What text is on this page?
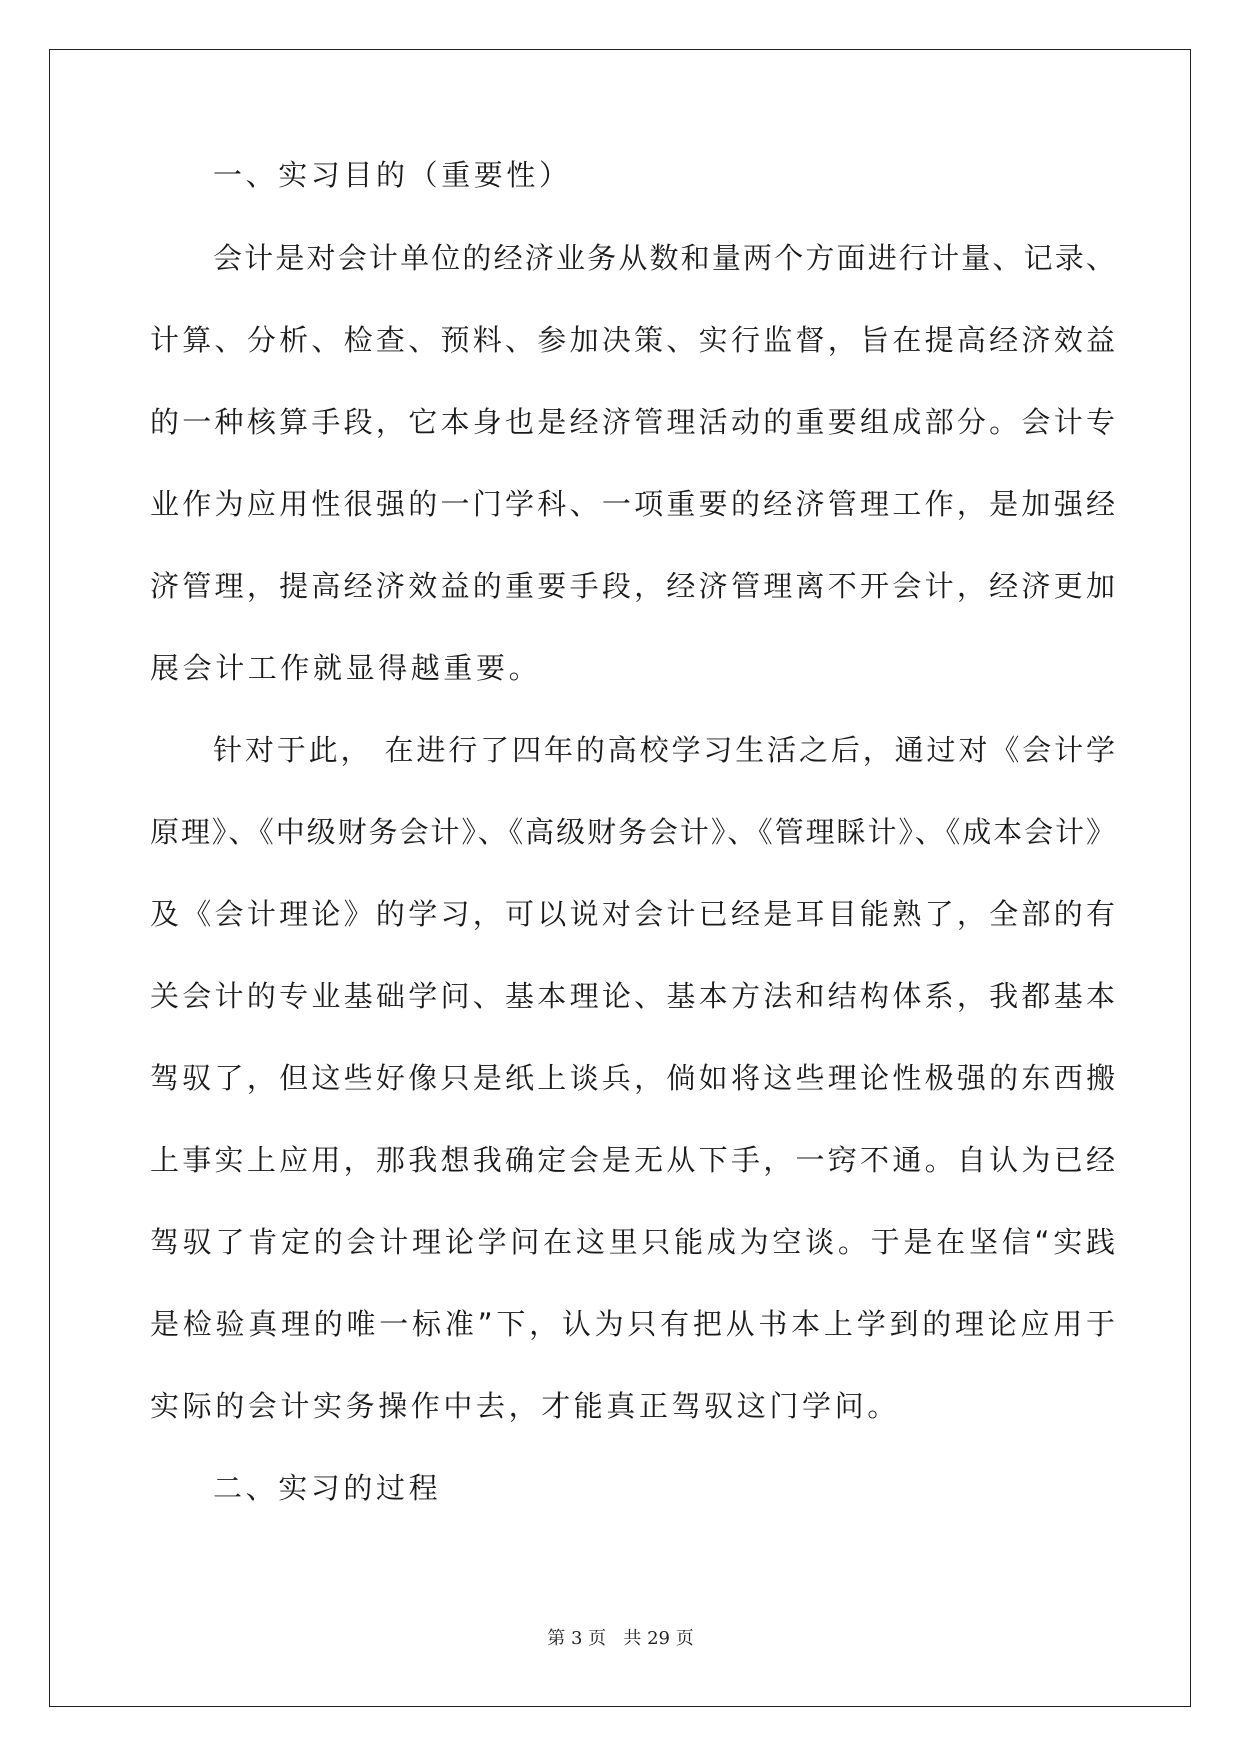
一、实习目的（重要性）

会计是对会计单位的经济业务从数和量两个方面进行计量、记录、

计算、分析、检查、预料、参加决策、实行监督，旨在提高经济效益

的一种核算手段，它本身也是经济管理活动的重要组成部分。会计专

业作为应用性很强的一门学科、一项重要的经济管理工作，是加强经

济管理，提高经济效益的重要手段，经济管理离不开会计，经济更加

展会计工作就显得越重要。

针对于此， 在进行了四年的高校学习生活之后，通过对《会计学

原理》、《中级财务会计》、《高级财务会计》、《管理睬计》、《成本会计》

及《会计理论》的学习，可以说对会计已经是耳目能熟了，全部的有

关会计的专业基础学问、基本理论、基本方法和结构体系，我都基本

驾驭了，但这些好像只是纸上谈兵，倘如将这些理论性极强的东西搬

上事实上应用，那我想我确定会是无从下手，一窍不通。自认为已经

驾驭了肯定的会计理论学问在这里只能成为空谈。于是在坚信“实践

是检验真理的唯一标准”下，认为只有把从书本上学到的理论应用于

实际的会计实务操作中去，才能真正驾驭这门学问。

二、实习的过程

第 3 页   共 29 页
